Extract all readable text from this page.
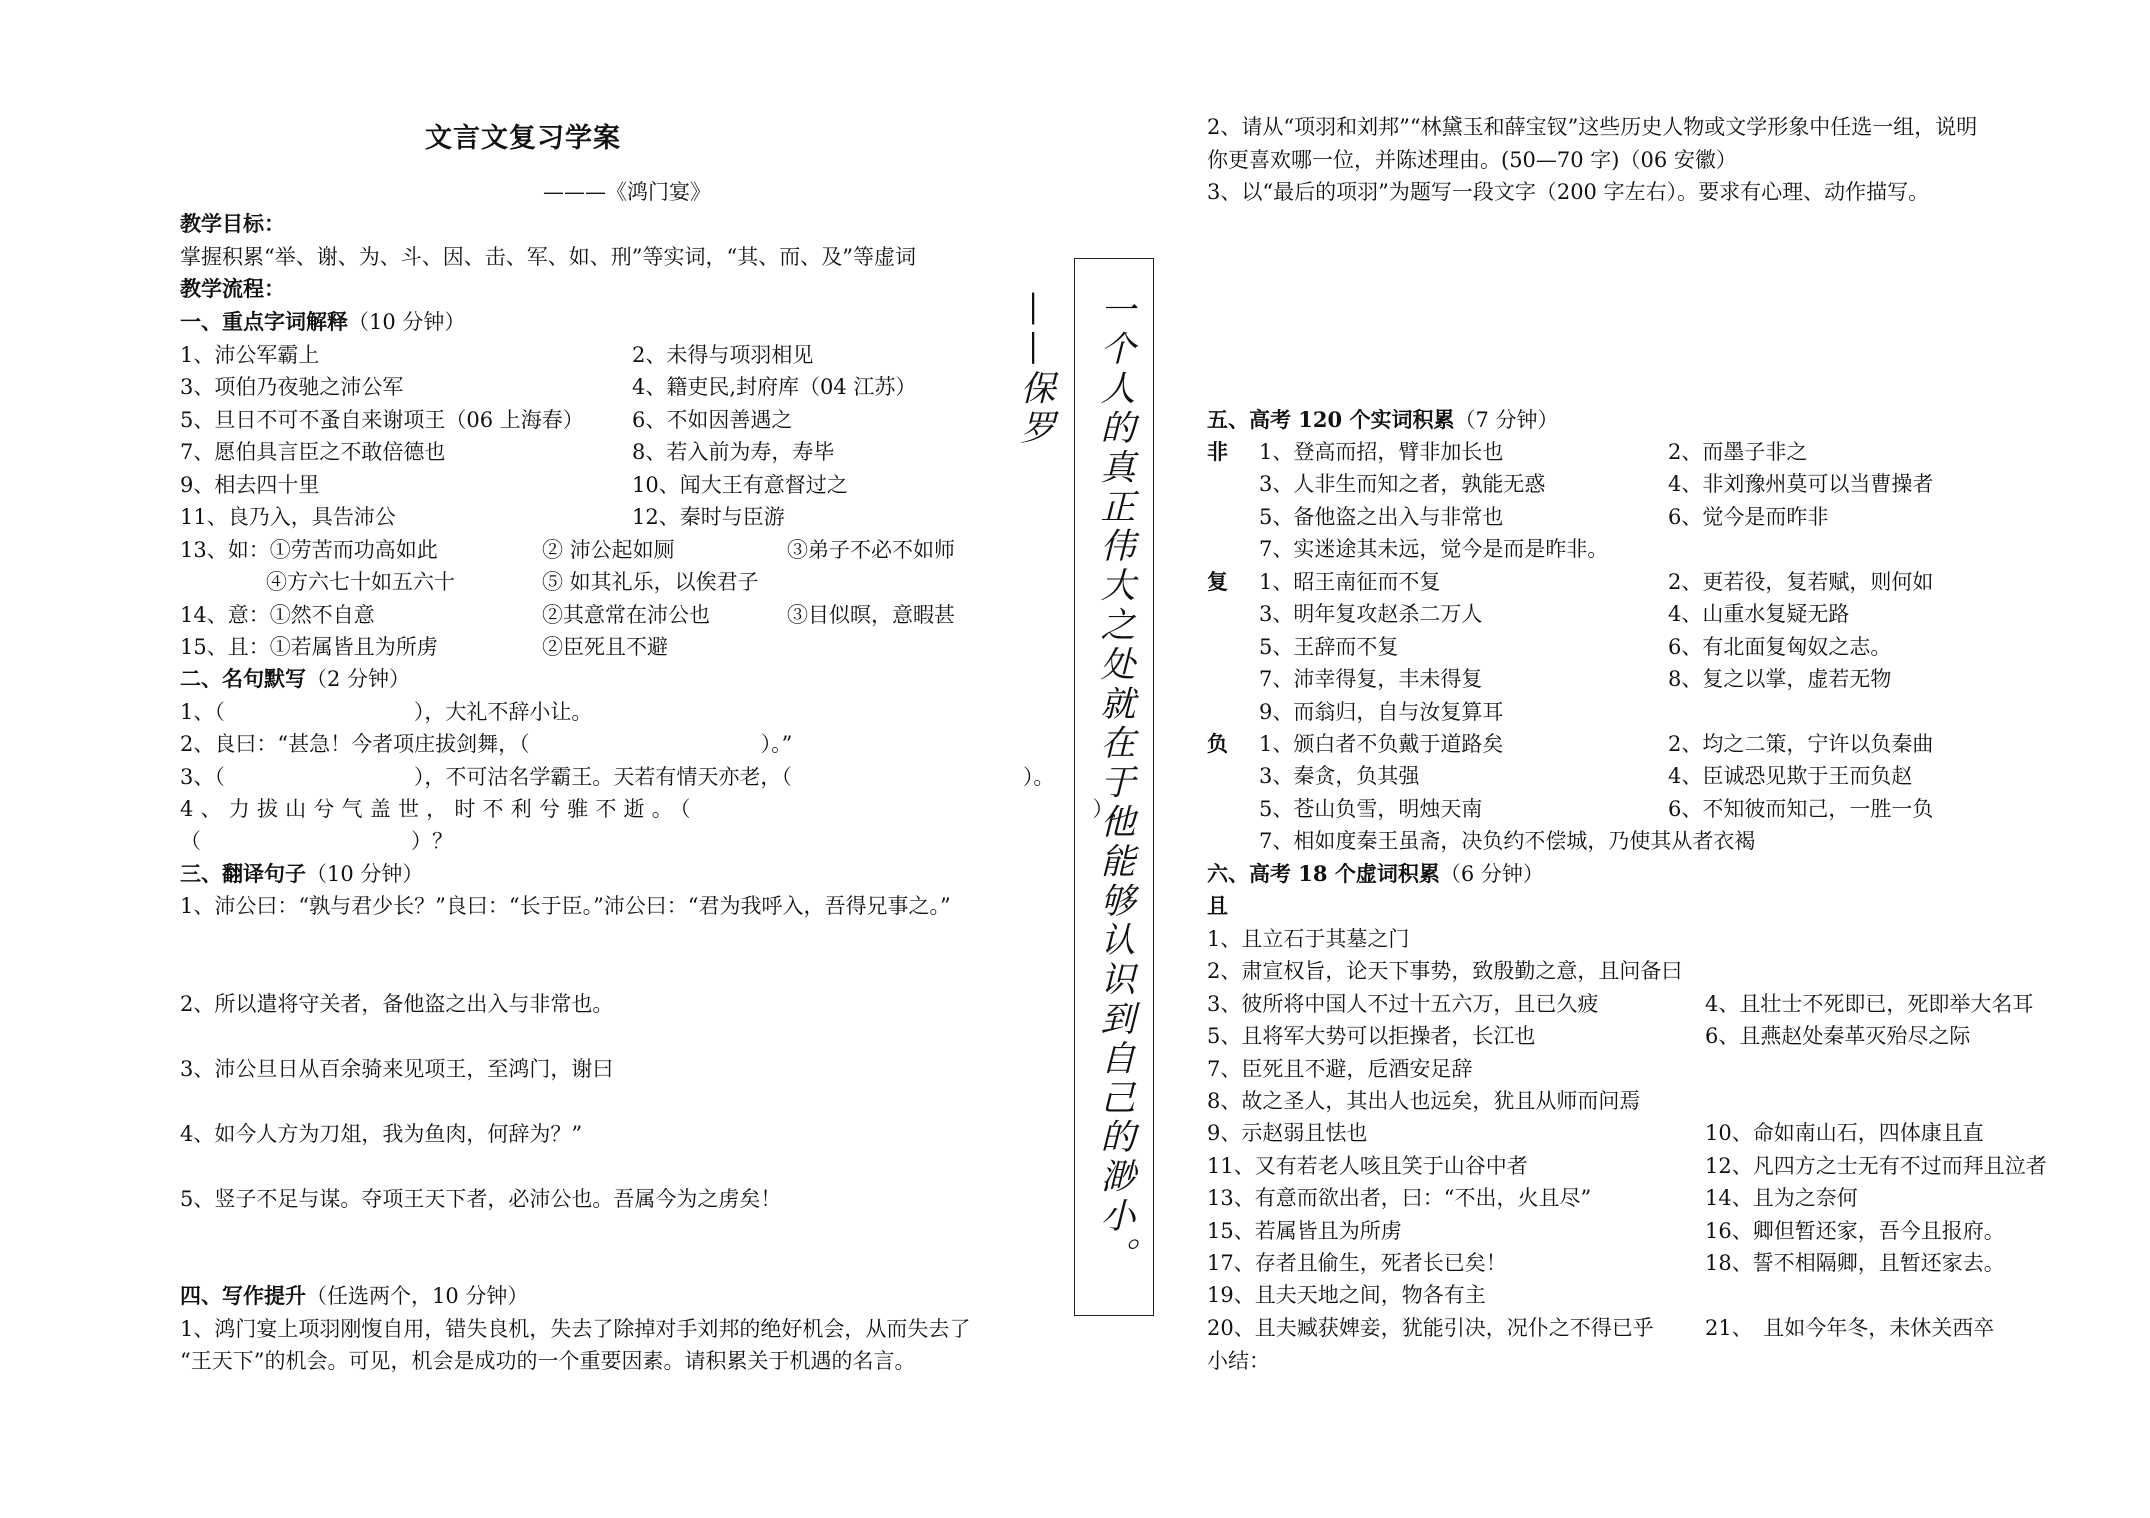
文言文复习学案
———《鸿门宴》
教学目标：
掌握积累“举、谢、为、斗、因、击、军、如、刑”等实词，“其、而、及”等虚词
教学流程：
一、重点字词解释（10 分钟）
1、沛公军霸上	2、未得与项羽相见
3、项伯乃夜驰之沛公军	4、籍吏民,封府库（04 江苏）
5、旦日不可不蚤自来谢项王（06 上海春）	6、不如因善遇之
7、愿伯具言臣之不敢倍德也	8、若入前为寿，寿毕
9、相去四十里	10、闻大王有意督过之
11、良乃入，具告沛公	12、秦时与臣游
13、如：①劳苦而功高如此	② 沛公起如厕	③弟子不必不如师
④方六七十如五六十	⑤ 如其礼乐，以俟君子
14、意：①然不自意	②其意常在沛公也	③目似暝，意暇甚
15、且：①若属皆且为所虏	②臣死且不避
二、名句默写（2 分钟）
1、（　　　　　　　　　），大礼不辞小让。
2、良曰：“甚急！今者项庄拔剑舞，（　　　　　　　　　　　）。”
3、（　　　　　　　　　），不可沽名学霸王。天若有情天亦老，（　　　　　　　　　　　）。
4、力拔山兮气盖世，时不利兮骓不逝。（　　　　　　　　　　　　　　），
（　　　　　　　　　　）？
三、翻译句子（10 分钟）
1、沛公曰：“孰与君少长？”良曰：“长于臣。”沛公曰：“君为我呼入，吾得兄事之。”
2、所以遣将守关者，备他盗之出入与非常也。
3、沛公旦日从百余骑来见项王，至鸿门，谢曰
4、如今人方为刀俎，我为鱼肉，何辞为？”
5、竖子不足与谋。夺项王天下者，必沛公也。吾属今为之虏矣！
四、写作提升（任选两个，10 分钟）
1、鸿门宴上项羽刚愎自用，错失良机，失去了除掉对手刘邦的绝好机会，从而失去了
“王天下”的机会。可见，机会是成功的一个重要因素。请积累关于机遇的名言。
一个人的真正伟大之处就在于他能够认识到自己的渺小。——保罗
2、请从“项羽和刘邦”“林黛玉和薛宝钗”这些历史人物或文学形象中任选一组，说明
你更喜欢哪一位，并陈述理由。(50—70 字)（06 安徽）
3、以“最后的项羽”为题写一段文字（200 字左右）。要求有心理、动作描写。
五、高考 120 个实词积累（7 分钟）
非 1、登高而招，臂非加长也	2、而墨子非之
3、人非生而知之者，孰能无惑	4、非刘豫州莫可以当曹操者
5、备他盗之出入与非常也	6、觉今是而昨非
7、实迷途其未远，觉今是而是昨非。
复 1、昭王南征而不复	2、更若役，复若赋，则何如
3、明年复攻赵杀二万人	4、山重水复疑无路
5、王辞而不复	6、有北面复匈奴之志。
7、沛幸得复，丰未得复	8、复之以掌，虚若无物
9、而翁归，自与汝复算耳
负 1、颁白者不负戴于道路矣	2、均之二策，宁许以负秦曲
3、秦贪，负其强	4、臣诚恐见欺于王而负赵
5、苍山负雪，明烛天南	6、不知彼而知己，一胜一负
7、相如度秦王虽斋，决负约不偿城，乃使其从者衣褐
六、高考 18 个虚词积累（6 分钟）
且
1、且立石于其墓之门
2、肃宣权旨，论天下事势，致殷勤之意，且问备曰
3、彼所将中国人不过十五六万，且已久疲	4、且壮士不死即已，死即举大名耳
5、且将军大势可以拒操者，长江也	6、且燕赵处秦革灭殆尽之际
7、臣死且不避，卮酒安足辞
8、故之圣人，其出人也远矣，犹且从师而问焉
9、示赵弱且怯也	10、命如南山石，四体康且直
11、又有若老人咳且笑于山谷中者	12、凡四方之士无有不过而拜且泣者
13、有意而欲出者，曰：“不出，火且尽”	14、且为之奈何
15、若属皆且为所虏	16、卿但暂还家，吾今且报府。
17、存者且偷生，死者长已矣！	18、誓不相隔卿，且暂还家去。
19、且夫天地之间，物各有主
20、且夫臧获婢妾，犹能引决，况仆之不得已乎	21、　且如今年冬，未休关西卒
小结：
